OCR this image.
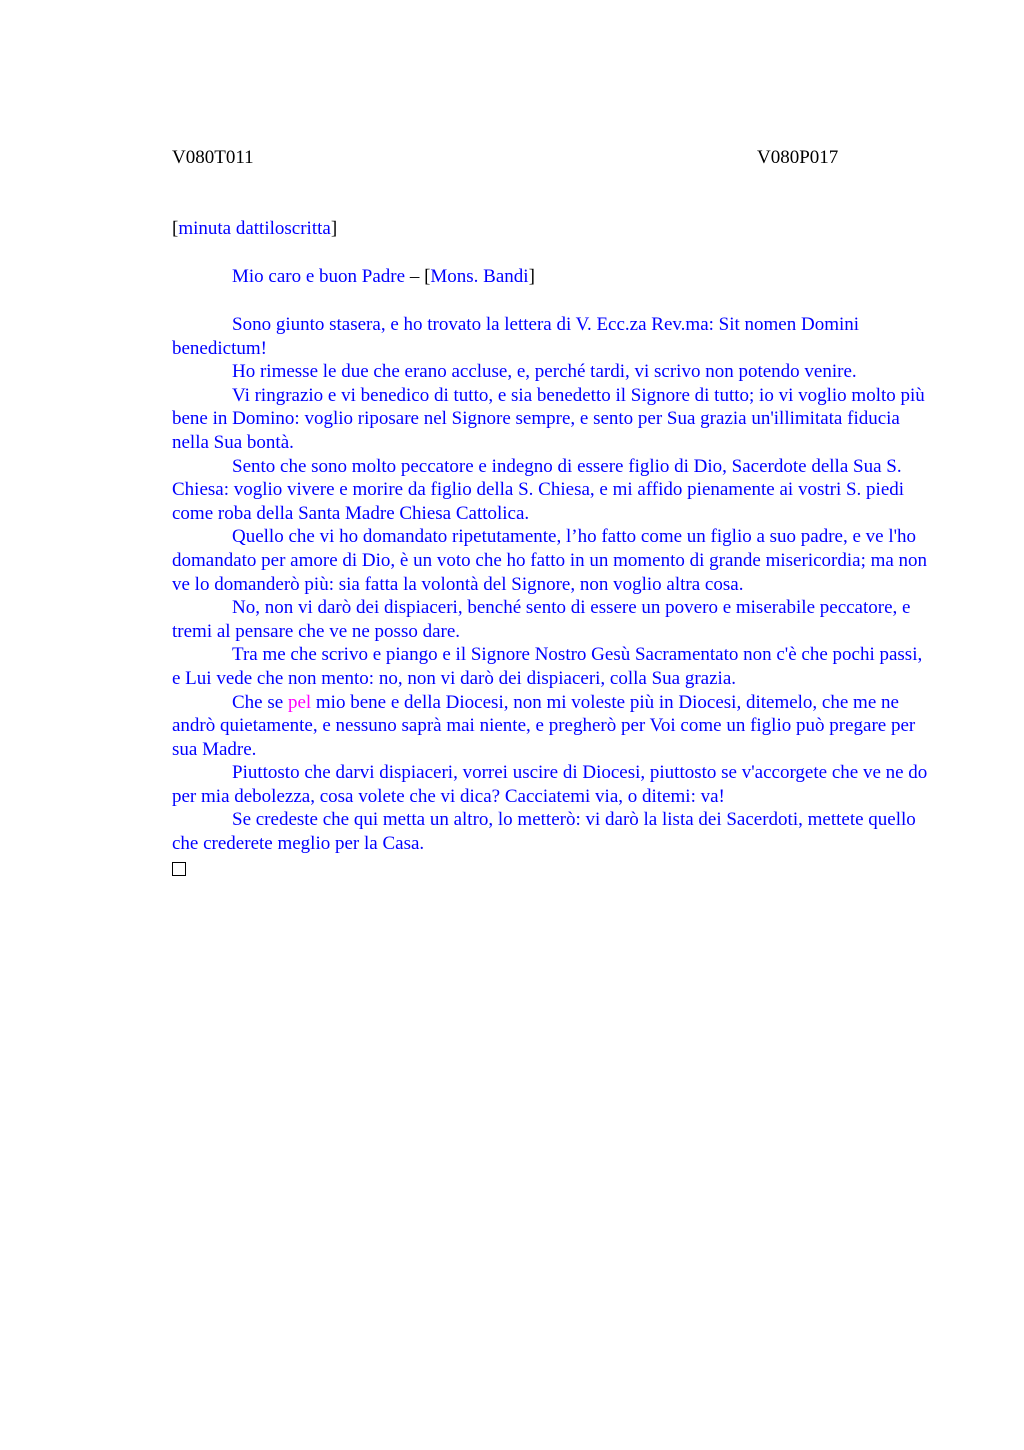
V080T011	V080P017
[minuta dattiloscritta]
Mio caro e buon Padre – [Mons. Bandi]

Sono giunto stasera, e ho trovato la lettera di V. Ecc.za Rev.ma: Sit nomen Domini benedictum!

Ho rimesse le due che erano accluse, e, perché tardi, vi scrivo non potendo venire.

Vi ringrazio e vi benedico di tutto, e sia benedetto il Signore di tutto; io vi voglio molto più bene in Domino: voglio riposare nel Signore sempre, e sento per Sua grazia un'illimitata fiducia nella Sua bontà.

Sento che sono molto peccatore e indegno di essere figlio di Dio, Sacerdote della Sua S. Chiesa: voglio vivere e morire da figlio della S. Chiesa, e mi affido pienamente ai vostri S. piedi come roba della Santa Madre Chiesa Cattolica.

Quello che vi ho domandato ripetutamente, l’ho fatto come un figlio a suo padre, e ve l'ho domandato per amore di Dio, è un voto che ho fatto in un momento di grande misericordia; ma non ve lo domanderò più: sia fatta la volontà del Signore, non voglio altra cosa.

No, non vi darò dei dispiaceri, benché sento di essere un povero e miserabile peccatore, e tremi al pensare che ve ne posso dare.

Tra me che scrivo e piango e il Signore Nostro Gesù Sacramentato non c'è che pochi passi, e Lui vede che non mento: no, non vi darò dei dispiaceri, colla Sua grazia.

Che se pel mio bene e della Diocesi, non mi voleste più in Diocesi, ditemelo, che me ne andrò quietamente, e nessuno saprà mai niente, e pregherò per Voi come un figlio può pregare per sua Madre.

Piuttosto che darvi dispiaceri, vorrei uscire di Diocesi, piuttosto se v'accorgete che ve ne do per mia debolezza, cosa volete che vi dica? Cacciatemi via, o ditemi: va!

Se credeste che qui metta un altro, lo metterò: vi darò la lista dei Sacerdoti, mettete quello che crederete meglio per la Casa.
